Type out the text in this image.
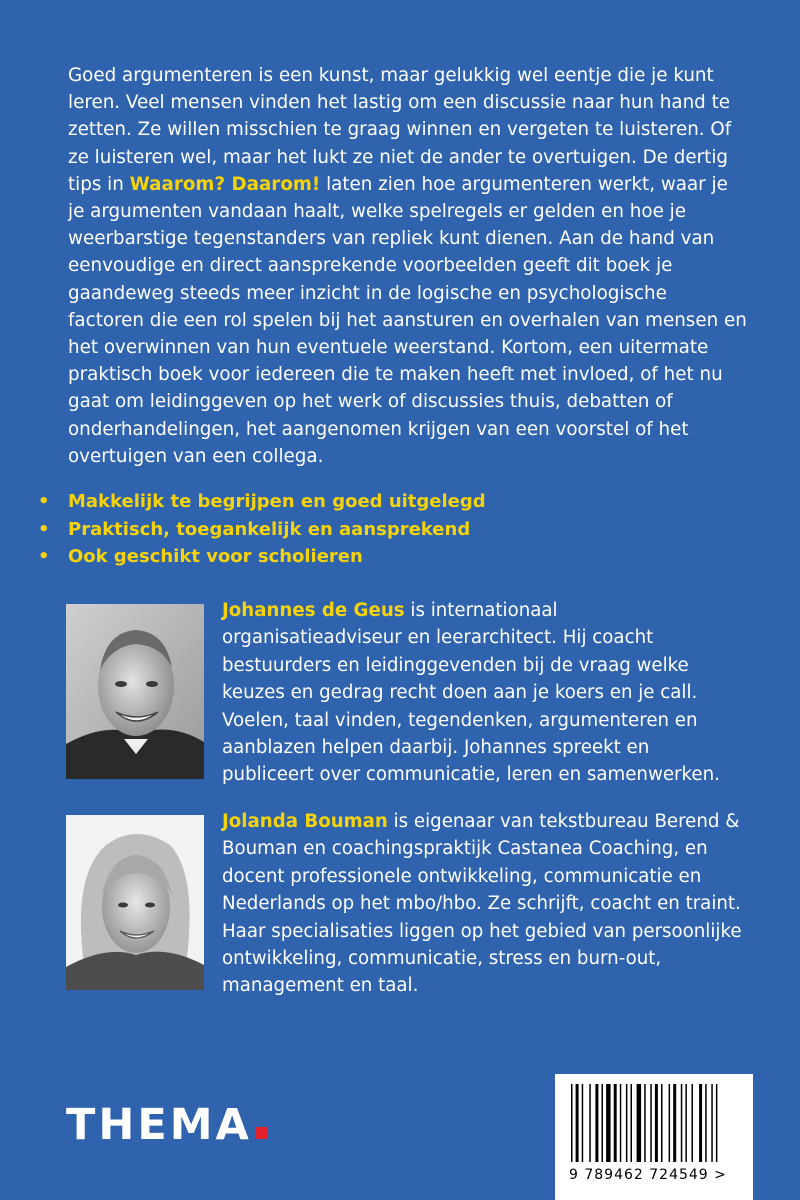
Goed argumenteren is een kunst, maar gelukkig wel eentje die je kunt leren. Veel mensen vinden het lastig om een discussie naar hun hand te zetten. Ze willen misschien te graag winnen en vergeten te luisteren. Of ze luisteren wel, maar het lukt ze niet de ander te overtuigen. De dertig tips in Waarom? Daarom! laten zien hoe argumenteren werkt, waar je je argumenten vandaan haalt, welke spelregels er gelden en hoe je weerbarstige tegenstanders van repliek kunt dienen. Aan de hand van eenvoudige en direct aansprekende voorbeelden geeft dit boek je gaandeweg steeds meer inzicht in de logische en psychologische factoren die een rol spelen bij het aansturen en overhalen van mensen en het overwinnen van hun eventuele weerstand. Kortom, een uitermate praktisch boek voor iedereen die te maken heeft met invloed, of het nu gaat om leidinggeven op het werk of discussies thuis, debatten of onderhandelingen, het aangenomen krijgen van een voorstel of het overtuigen van een collega.

• Makkelijk te begrijpen en goed uitgelegd
• Praktisch, toegankelijk en aansprekend
• Ook geschikt voor scholieren

Johannes de Geus is internationaal organisatieadviseur en leerarchitect. Hij coacht bestuurders en leidinggevenden bij de vraag welke keuzes en gedrag recht doen aan je koers en je call. Voelen, taal vinden, tegendenken, argumenteren en aanblazen helpen daarbij. Johannes spreekt en publiceert over communicatie, leren en samenwerken.

Jolanda Bouman is eigenaar van tekstbureau Berend & Bouman en coachingspraktijk Castanea Coaching, en docent professionele ontwikkeling, communicatie en Nederlands op het mbo/hbo. Ze schrijft, coacht en traint. Haar specialisaties liggen op het gebied van persoonlijke ontwikkeling, communicatie, stress en burn-out, management en taal.

THEMA
9 789462 724549 >
